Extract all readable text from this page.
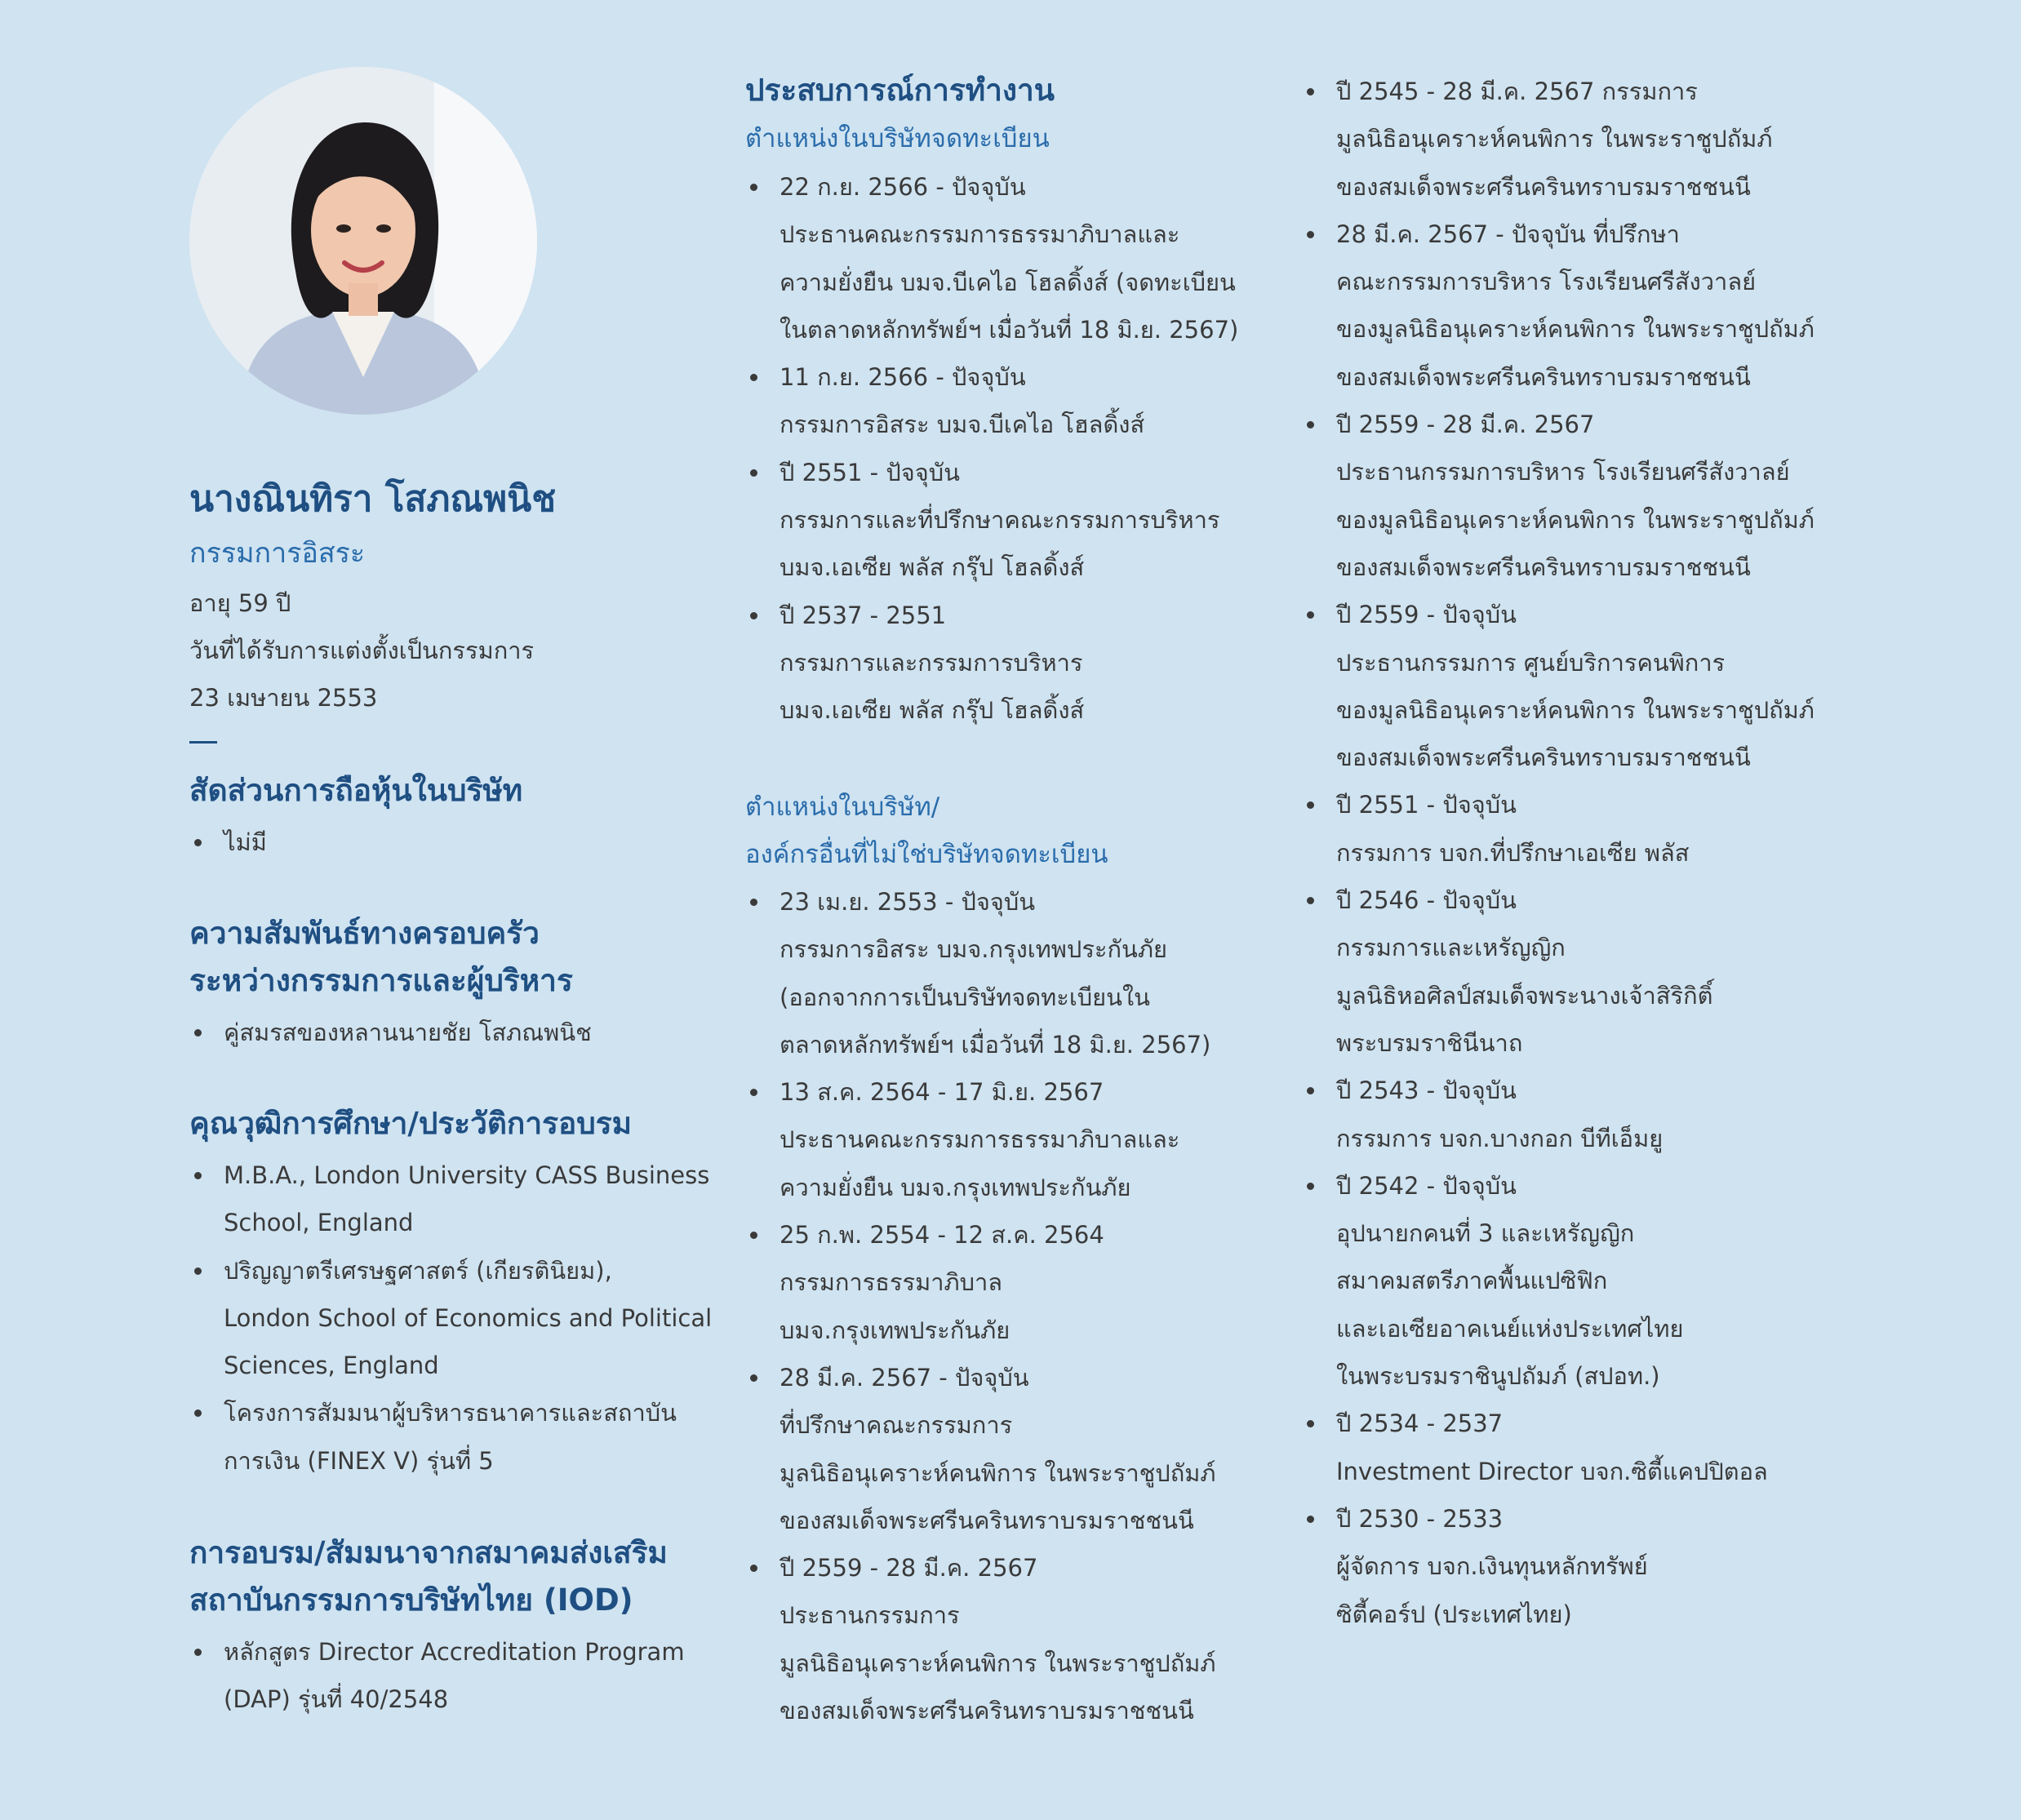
นางณินทิรา โสภณพนิช
กรรมการอิสระ
อายุ 59 ปี
วันที่ได้รับการแต่งตั้งเป็นกรรมการ
23 เมษายน 2553
สัดส่วนการถือหุ้นในบริษัท
ไม่มี
ความสัมพันธ์ทางครอบครัว
ระหว่างกรรมการและผู้บริหาร
คู่สมรสของหลานนายชัย โสภณพนิช
คุณวุฒิการศึกษา/ประวัติการอบรม
M.B.A., London University CASS Business
School, England
ปริญญาตรีเศรษฐศาสตร์ (เกียรตินิยม),
London School of Economics and Political
Sciences, England
โครงการสัมมนาผู้บริหารธนาคารและสถาบัน
การเงิน (FINEX V) รุ่นที่ 5
การอบรม/สัมมนาจากสมาคมส่งเสริม
สถาบันกรรมการบริษัทไทย (IOD)
หลักสูตร Director Accreditation Program
(DAP) รุ่นที่ 40/2548
ประสบการณ์การทำงาน
ตำแหน่งในบริษัทจดทะเบียน
22 ก.ย. 2566 - ปัจจุบัน
ประธานคณะกรรมการธรรมาภิบาลและ
ความยั่งยืน บมจ.บีเคไอ โฮลดิ้งส์ (จดทะเบียน
ในตลาดหลักทรัพย์ฯ เมื่อวันที่ 18 มิ.ย. 2567)
11 ก.ย. 2566 - ปัจจุบัน
กรรมการอิสระ บมจ.บีเคไอ โฮลดิ้งส์
ปี 2551 - ปัจจุบัน
กรรมการและที่ปรึกษาคณะกรรมการบริหาร
บมจ.เอเซีย พลัส กรุ๊ป โฮลดิ้งส์
ปี 2537 - 2551
กรรมการและกรรมการบริหาร
บมจ.เอเซีย พลัส กรุ๊ป โฮลดิ้งส์
ตำแหน่งในบริษัท/
องค์กรอื่นที่ไม่ใช่บริษัทจดทะเบียน
23 เม.ย. 2553 - ปัจจุบัน
กรรมการอิสระ บมจ.กรุงเทพประกันภัย
(ออกจากการเป็นบริษัทจดทะเบียนใน
ตลาดหลักทรัพย์ฯ เมื่อวันที่ 18 มิ.ย. 2567)
13 ส.ค. 2564 - 17 มิ.ย. 2567
ประธานคณะกรรมการธรรมาภิบาลและ
ความยั่งยืน บมจ.กรุงเทพประกันภัย
25 ก.พ. 2554 - 12 ส.ค. 2564
กรรมการธรรมาภิบาล
บมจ.กรุงเทพประกันภัย
28 มี.ค. 2567 - ปัจจุบัน
ที่ปรึกษาคณะกรรมการ
มูลนิธิอนุเคราะห์คนพิการ ในพระราชูปถัมภ์
ของสมเด็จพระศรีนครินทราบรมราชชนนี
ปี 2559 - 28 มี.ค. 2567
ประธานกรรมการ
มูลนิธิอนุเคราะห์คนพิการ ในพระราชูปถัมภ์
ของสมเด็จพระศรีนครินทราบรมราชชนนี
ปี 2545 - 28 มี.ค. 2567 กรรมการ
มูลนิธิอนุเคราะห์คนพิการ ในพระราชูปถัมภ์
ของสมเด็จพระศรีนครินทราบรมราชชนนี
28 มี.ค. 2567 - ปัจจุบัน ที่ปรึกษา
คณะกรรมการบริหาร โรงเรียนศรีสังวาลย์
ของมูลนิธิอนุเคราะห์คนพิการ ในพระราชูปถัมภ์
ของสมเด็จพระศรีนครินทราบรมราชชนนี
ปี 2559 - 28 มี.ค. 2567
ประธานกรรมการบริหาร โรงเรียนศรีสังวาลย์
ของมูลนิธิอนุเคราะห์คนพิการ ในพระราชูปถัมภ์
ของสมเด็จพระศรีนครินทราบรมราชชนนี
ปี 2559 - ปัจจุบัน
ประธานกรรมการ ศูนย์บริการคนพิการ
ของมูลนิธิอนุเคราะห์คนพิการ ในพระราชูปถัมภ์
ของสมเด็จพระศรีนครินทราบรมราชชนนี
ปี 2551 - ปัจจุบัน
กรรมการ บจก.ที่ปรึกษาเอเซีย พลัส
ปี 2546 - ปัจจุบัน
กรรมการและเหรัญญิก
มูลนิธิหอศิลป์สมเด็จพระนางเจ้าสิริกิติ์
พระบรมราชินีนาถ
ปี 2543 - ปัจจุบัน
กรรมการ บจก.บางกอก บีทีเอ็มยู
ปี 2542 - ปัจจุบัน
อุปนายกคนที่ 3 และเหรัญญิก
สมาคมสตรีภาคพื้นแปซิฟิก
และเอเซียอาคเนย์แห่งประเทศไทย
ในพระบรมราชินูปถัมภ์ (สปอท.)
ปี 2534 - 2537
Investment Director บจก.ซิตี้แคปปิตอล
ปี 2530 - 2533
ผู้จัดการ บจก.เงินทุนหลักทรัพย์
ซิตี้คอร์ป (ประเทศไทย)
